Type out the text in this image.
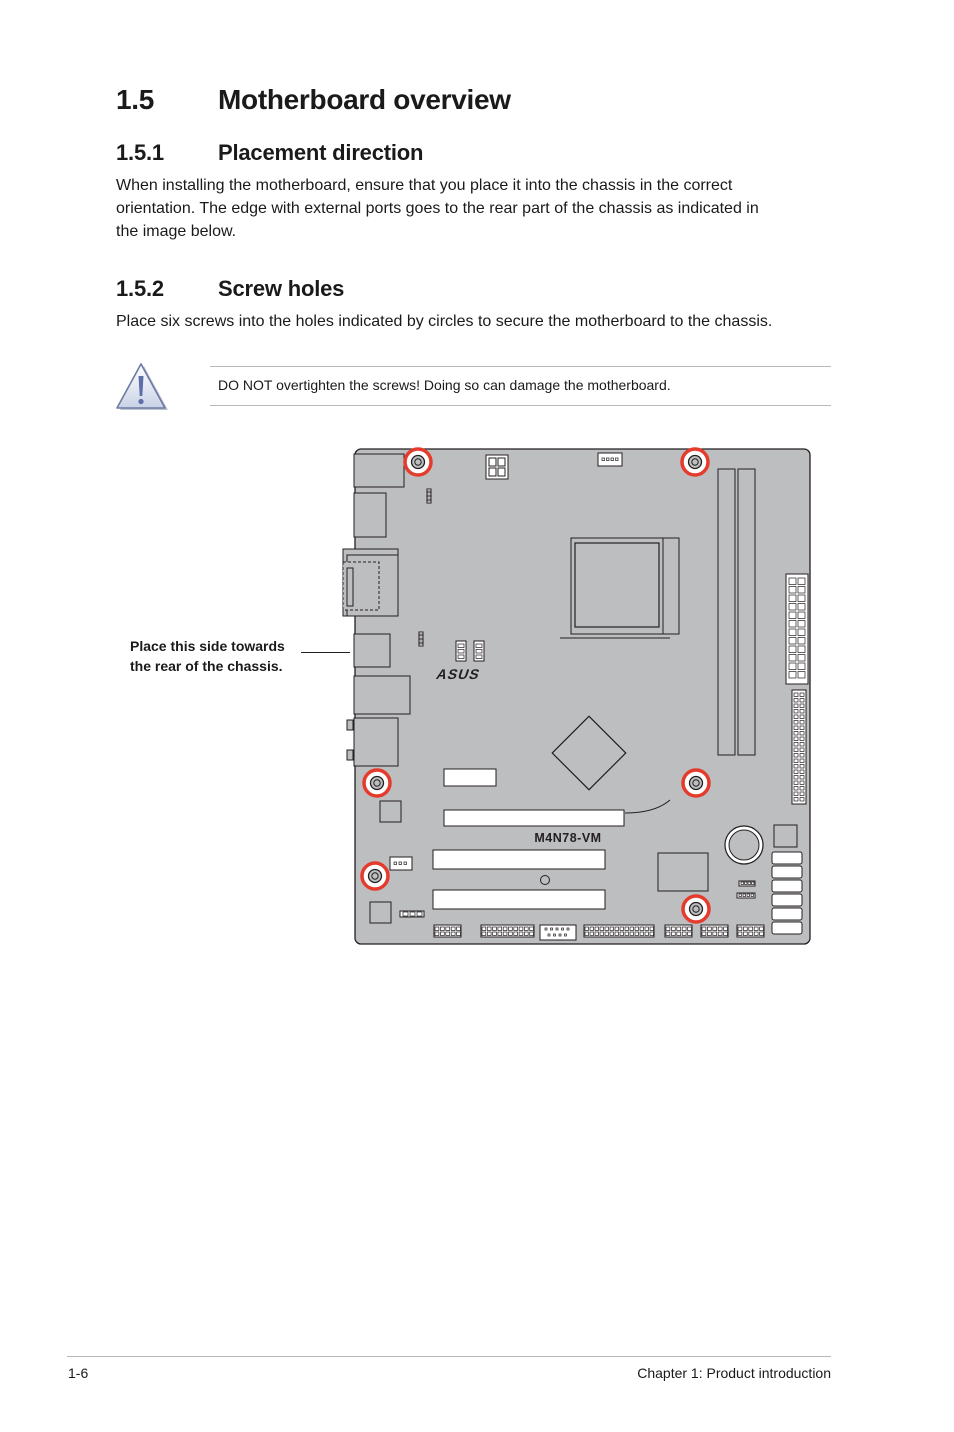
1.5 Motherboard overview
1.5.1 Placement direction
When installing the motherboard, ensure that you place it into the chassis in the correct
orientation. The edge with external ports goes to the rear part of the chassis as indicated in
the image below.
1.5.2 Screw holes
Place six screws into the holes indicated by circles to secure the motherboard to the chassis.
DO NOT overtighten the screws! Doing so can damage the motherboard.
Place this side towards
the rear of the chassis.
ASUS
M4N78-VM
1-6	Chapter 1: Product introduction
